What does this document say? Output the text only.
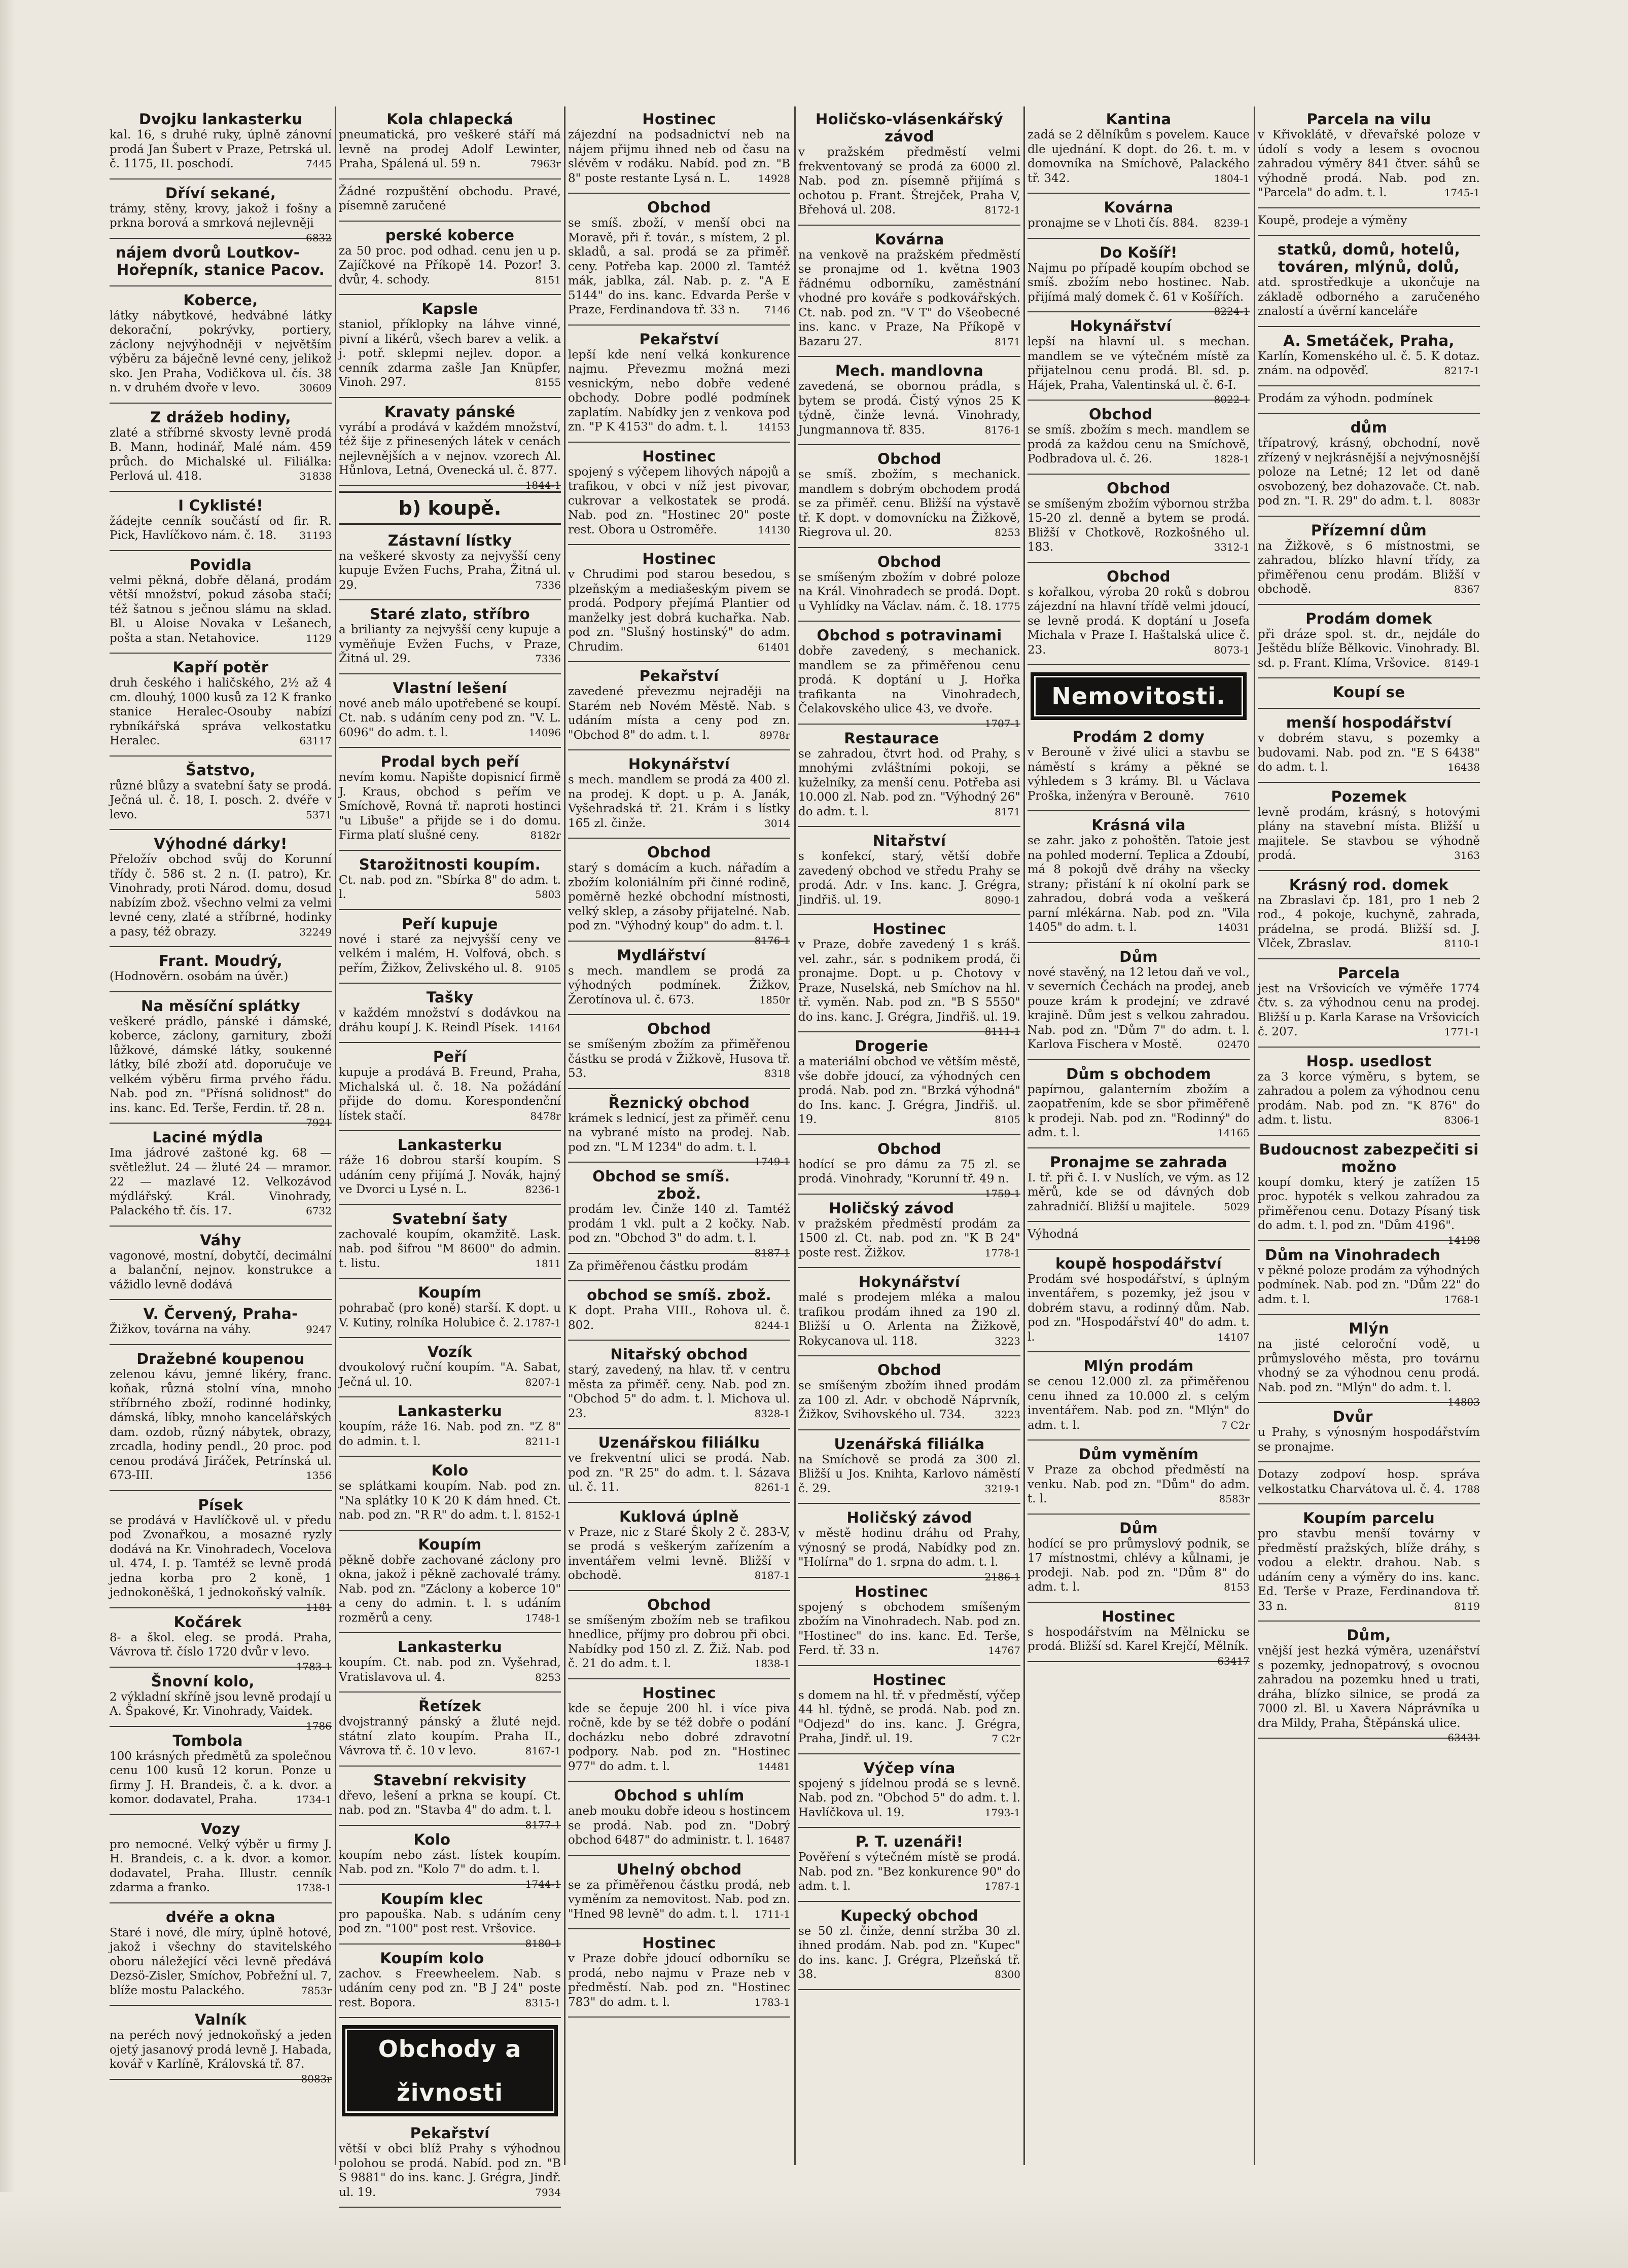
Dvojku lankasterku
kal. 16, s druhé ruky, úplně zánovní prodá Jan Šubert v Praze, Petrská ul. č. 1175, II. poschodí.	7445
Dříví sekané,
trámy, stěny, krovy, jakož i fošny a prkna borová a smrková nejlevněji
6832
nájem dvorů Loutkov-Hořepník, stanice Pacov.
Koberce,
látky nábytkové, hedvábné látky dekorační, pokrývky, portiery, záclony nejvýhodněji v největším výběru za báječně levné ceny, jelikož sko. Jen Praha, Vodičkova ul. čís. 38 n. v druhém dvoře v levo.	30609
Z drážeb hodiny,
zlaté a stříbrné skvosty levně prodá B. Mann, hodinář, Malé nám. 459 průch. do Michalské ul. Filiálka: Perlová ul. 418.	31838
I Cyklisté!
žádejte cenník součástí od fir. R. Pick, Havlíčkovo nám. č. 18. 31193
Povidla
velmi pěkná, dobře dělaná, prodám větší množství, pokud zásoba stačí; též šatnou s ječnou slámu na sklad. Bl. u Aloise Novaka v Lešanech, pošta a stan. Netahovice.	1129
Kapří potěr
druh českého i haličského, 2½ až 4 cm. dlouhý, 1000 kusů za 12 K franko stanice Heralec-Osouby nabízí rybníkářská správa velkostatku Heralec.	63117
Šatstvo,
různé blůzy a svatební šaty se prodá. Ječná ul. č. 18, I. posch. 2. dvéře v levo.	5371
Výhodné dárky!
Přeložív obchod svůj do Korunní třídy č. 586 st. 2 n. (I. patro), Kr. Vinohrady, proti Národ. domu, dosud nabízím zbož. všechno velmi za velmi levné ceny, zlaté a stříbrné, hodinky a pasy, též obrazy.	32249
Frant. Moudrý,
(Hodnověrn. osobám na úvěr.)
Na měsíční splátky
veškeré prádlo, pánské i dámské, koberce, záclony, garnitury, zboží lůžkové, dámské látky, soukenné látky, bílé zboží atd. doporučuje ve velkém výběru firma prvého řádu. Nab. pod zn. "Přísná solidnost" do ins. kanc. Ed. Terše, Ferdin. tř. 28 n.
7921
Laciné mýdla
Ima jádrové zaštoné kg. 68 — světležlut. 24 — žluté 24 — mramor. 22 — mazlavé 12. Velkozávod mýdlářský. Král. Vinohrady, Palackého tř. čís. 17.	6732
Váhy
vagonové, mostní, dobytčí, decimální a balanční, nejnov. konstrukce a vážidlo levně dodává
V. Červený, Praha-
Žižkov, továrna na váhy.	9247
Dražebné koupenou
zelenou kávu, jemné likéry, franc. koňak, různá stolní vína, mnoho stříbrného zboží, rodinné hodinky, dámská, líbky, mnoho kancelářských dam. ozdob, různý nábytek, obrazy, zrcadla, hodiny pendl., 20 proc. pod cenou prodává Jiráček, Petrínská ul. 673-III.	1356
Písek
se prodává v Havlíčkově ul. v předu pod Zvonařkou, a mosazné ryzly dodává na Kr. Vinohradech, Vocelova ul. 474, I. p. Tamtéž se levně prodá jedna korba pro 2 koně, 1 jednokoněšká, 1 jednokoňský valník.
1181
Kočárek
8- a škol. eleg. se prodá. Praha, Vávrova tř. číslo 1720 dvůr v levo.
1783-1
Šnovní kolo,
2 výkladní skříně jsou levně prodají u A. Špakové, Kr. Vinohrady, Vaidek.
1786
Tombola
100 krásných předmětů za společnou cenu 100 kusů 12 korun. Ponze u firmy J. H. Brandeis, č. a k. dvor. a komor. dodavatel, Praha.	1734-1
Vozy
pro nemocné. Velký výběr u firmy J. H. Brandeis, c. a k. dvor. a komor. dodavatel, Praha. Illustr. cenník zdarma a franko.	1738-1
dvéře a okna
Staré i nové, dle míry, úplně hotové, jakož i všechny do stavitelského oboru náležející věci levně předává Dezsö-Zisler, Smíchov, Pobřežní ul. 7, blíže mostu Palackého.	7853r
Valník
na peréch nový jednokoňský a jeden ojetý jasanový prodá levně J. Habada, kovář v Karlíně, Královská tř. 87.
8083r
Kola chlapecká
pneumatická, pro veškeré stáří má levně na prodej Adolf Lewinter, Praha, Spálená ul. 59 n.	7963r
Žádné rozpuštění obchodu. Pravé, písemně zaručené
perské koberce
za 50 proc. pod odhad. cenu jen u p. Zajíčkové na Příkopě 14. Pozor! 3. dvůr, 4. schody.	8151
Kapsle
staniol, příklopky na láhve vinné, pivní a likérů, všech barev a velik. a j. potř. sklepmi nejlev. dopor. a cenník zdarma zašle Jan Knüpfer, Vinoh. 297.	8155
Kravaty pánské
vyrábí a prodává v každém množství, též šije z přinesených látek v cenách nejlevnějších a v nejnov. vzorech Al. Hůnlova, Letná, Ovenecká ul. č. 877.
1844-1
b) koupě.
Zástavní lístky
na veškeré skvosty za nejvyšší ceny kupuje Evžen Fuchs, Praha, Žitná ul. 29.	7336
Staré zlato, stříbro
a brilianty za nejvyšší ceny kupuje a vyměňuje Evžen Fuchs, v Praze, Žitná ul. 29.	7336
Vlastní lešení
nové aneb málo upotřebené se koupí. Ct. nab. s udáním ceny pod zn. "V. L. 6096" do adm. t. l.	14096
Prodal bych peří
nevím komu. Napište dopisnicí firmě J. Kraus, obchod s peřím ve Smíchově, Rovná tř. naproti hostinci "u Libuše" a přijde se i do domu. Firma platí slušné ceny.	8182r
Starožitnosti koupím.
Ct. nab. pod zn. "Sbírka 8" do adm. t. l.	5803
Peří kupuje
nové i staré za nejvyšší ceny ve velkém i malém, H. Volfová, obch. s peřím, Žižkov, Želivského ul. 8. 9105
Tašky
v každém množství s dodávkou na dráhu koupí J. K. Reindl Písek. 14164
Peří
kupuje a prodává B. Freund, Praha, Michalská ul. č. 18. Na požádání přijde do domu. Korespondenční lístek stačí.	8478r
Lankasterku
ráže 16 dobrou starší koupím. S udáním ceny přijímá J. Novák, hajný ve Dvorci u Lysé n. L.	8236-1
Svatební šaty
zachovalé koupím, okamžitě. Lask. nab. pod šifrou "M 8600" do admin. t. listu.	1811
Koupím
pohrabač (pro koně) starší. K dopt. u V. Kutiny, rolníka Holubice č. 2. 1787-1
Vozík
dvoukolový ruční koupím. "A. Sabat, Ječná ul. 10.	8207-1
Lankasterku
koupím, ráže 16. Nab. pod zn. "Z 8" do admin. t. l.	8211-1
Kolo
se splátkami koupím. Nab. pod zn. "Na splátky 10 K 20 K dám hned. Ct. nab. pod zn. "R R" do adm. t. l. 8152-1
Koupím
pěkně dobře zachované záclony pro okna, jakož i pěkně zachovalé trámy. Nab. pod zn. "Záclony a koberce 10" a ceny do admin. t. l. s udáním rozměrů a ceny.	1748-1
Lankasterku
koupím. Ct. nab. pod zn. Vyšehrad, Vratislavova ul. 4.	8253
Řetízek
dvojstranný pánský a žluté nejd. státní zlato koupím. Praha II., Vávrova tř. č. 10 v levo.	8167-1
Stavební rekvisity
dřevo, lešení a prkna se koupí. Ct. nab. pod zn. "Stavba 4" do adm. t. l.
8177-1
Kolo
koupím nebo zást. lístek koupím. Nab. pod zn. "Kolo 7" do adm. t. l.
1744-1
Koupím klec
pro papouška. Nab. s udáním ceny pod zn. "100" post rest. Vršovice.
8180-1
Koupím kolo
zachov. s Freewheelem. Nab. s udáním ceny pod zn. "B J 24" poste rest. Bopora.	8315-1
Obchody a živnosti
Pekařství
větší v obci blíž Prahy s výhodnou polohou se prodá. Nabíd. pod zn. "B S 9881" do ins. kanc. J. Grégra, Jindř. ul. 19.	7934
Hostinec
zájezdní na podsadnictví neb na nájem přijmu ihned neb od času na slévěm v rodáku. Nabíd. pod zn. "B 8" poste restante Lysá n. L.	14928
Obchod
se smíš. zboží, v menší obci na Moravě, při ř. továr., s místem, 2 pl. skladů, a sal. prodá se za přiměř. ceny. Potřeba kap. 2000 zl. Tamtéž mák, jablka, zál. Nab. p. z. "A E 5144" do ins. kanc. Edvarda Perše v Praze, Ferdinandova tř. 33 n. 7146
Pekařství
lepší kde není velká konkurence najmu. Převezmu možná mezi vesnickým, nebo dobře vedené obchody. Dobre podlé podmínek zaplatím. Nabídky jen z venkova pod zn. "P K 4153" do adm. t. l.	14153
Hostinec
spojený s výčepem lihových nápojů a trafikou, v obci v níž jest pivovar, cukrovar a velkostatek se prodá. Nab. pod zn. "Hostinec 20" poste rest. Obora u Ostroměře.	14130
Hostinec
v Chrudimi pod starou besedou, s plzeňským a mediašeským pivem se prodá. Podpory přejímá Plantier od manželky jest dobrá kuchařka. Nab. pod zn. "Slušný hostinský" do adm. Chrudim.	61401
Pekařství
zavedené převezmu nejraději na Starém neb Novém Městě. Nab. s udáním místa a ceny pod zn. "Obchod 8" do adm. t. l.	8978r
Hokynářství
s mech. mandlem se prodá za 400 zl. na prodej. K dopt. u p. A. Janák, Vyšehradská tř. 21. Krám i s lístky 165 zl. činže.	3014
Obchod
starý s domácím a kuch. nářadím a zbožím koloniálním při činné rodině, poměrně hezké obchodní místnosti, velký sklep, a zásoby přijatelné. Nab. pod zn. "Výhodný koup" do adm. t. l.
8176-1
Mydlářství
s mech. mandlem se prodá za výhodných podmínek. Žižkov, Žerotínova ul. č. 673.	1850r
Obchod
se smíšeným zbožím za přiměřenou částku se prodá v Žižkově, Husova tř. 53.	8318
Řeznický obchod
krámek s lednicí, jest za přiměř. cenu na vybrané místo na prodej. Nab. pod zn. "L M 1234" do adm. t. l.
1749-1
Obchod se smíš. zbož.
prodám lev. Činže 140 zl. Tamtéž prodám 1 vkl. pult a 2 kočky. Nab. pod zn. "Obchod 3" do adm. t. l.
8187-1
Za přiměřenou částku prodám
obchod se smíš. zbož.
K dopt. Praha VIII., Rohova ul. č. 802.	8244-1
Nitařský obchod
starý, zavedený, na hlav. tř. v centru města za přiměř. ceny. Nab. pod zn. "Obchod 5" do adm. t. l. Michova ul. 23.	8328-1
Uzenářskou filiálku
ve frekventní ulici se prodá. Nab. pod zn. "R 25" do adm. t. l. Sázava ul. č. 11.	8261-1
Kuklová úplně
v Praze, nic z Staré Školy 2 č. 283-V, se prodá s veškerým zařízením a inventářem velmi levně. Bližší v obchodě.	8187-1
Obchod
se smíšeným zbožím neb se trafikou hnedlice, příjmy pro dobrou při obci. Nabídky pod 150 zl. Z. Žiž. Nab. pod č. 21 do adm. t. l.	1838-1
Hostinec
kde se čepuje 200 hl. i více piva ročně, kde by se též dobře o podání docházku nebo dobré zdravotní podpory. Nab. pod zn. "Hostinec 977" do adm. t. l.	14481
Obchod s uhlím
aneb mouku dobře ideou s hostincem se prodá. Nab. pod zn. "Dobrý obchod 6487" do administr. t. l. 16487
Uhelný obchod
se za přiměřenou částku prodá, neb vyměním za nemovitost. Nab. pod zn. "Hned 98 levně" do adm. t. l. 1711-1
Hostinec
v Praze dobře jdoucí odborníku se prodá, nebo najmu v Praze neb v předměstí. Nab. pod zn. "Hostinec 783" do adm. t. l.	1783-1
Holičsko-vlásenkářský závod
v pražském předměstí velmi frekventovaný se prodá za 6000 zl. Nab. pod zn. písemně přijímá s ochotou p. Frant. Štrejček, Praha V, Břehová ul. 208.	8172-1
Kovárna
na venkově na pražském předměstí se pronajme od 1. května 1903 řádnému odborníku, zaměstnání vhodné pro kováře s podkovářských. Ct. nab. pod zn. "V T" do Všeobecné ins. kanc. v Praze, Na Příkopě v Bazaru 27.	8171
Mech. mandlovna
zavedená, se obornou prádla, s bytem se prodá. Čistý výnos 25 K týdně, činže levná. Vinohrady, Jungmannova tř. 835.	8176-1
Obchod
se smíš. zbožím, s mechanick. mandlem s dobrým obchodem prodá se za přiměř. cenu. Bližší na výstavě tř. K dopt. v domovnícku na Žižkově, Riegrova ul. 20.	8253
Obchod
se smíšeným zbožím v dobré poloze na Král. Vinohradech se prodá. Dopt. u Vyhlídky na Václav. nám. č. 18. 1775
Obchod s potravinami
dobře zavedený, s mechanick. mandlem se za přiměřenou cenu prodá. K doptání u J. Hořka trafikanta na Vinohradech, Čelakovského ulice 43, ve dvoře.
1707-1
Restaurace
se zahradou, čtvrt hod. od Prahy, s mnohými zvláštními pokoji, se kuželníky, za menší cenu. Potřeba asi 10.000 zl. Nab. pod zn. "Výhodný 26" do adm. t. l.	8171
Nitařství
s konfekcí, starý, větší dobře zavedený obchod ve středu Prahy se prodá. Adr. v Ins. kanc. J. Grégra, Jindřiš. ul. 19.	8090-1
Hostinec
v Praze, dobře zavedený 1 s kráš. vel. zahr., sár. s podnikem prodá, či pronajme. Dopt. u p. Chotovy v Praze, Nuselská, neb Smíchov na hl. tř. vyměn. Nab. pod zn. "B S 5550" do ins. kanc. J. Grégra, Jindřiš. ul. 19.
8111-1
Drogerie
a materiální obchod ve větším městě, vše dobře jdoucí, za výhodných cen prodá. Nab. pod zn. "Brzká výhodná" do Ins. kanc. J. Grégra, Jindřiš. ul. 19.	8105
Obchod
hodící se pro dámu za 75 zl. se prodá. Vinohrady, "Korunní tř. 49 n.
1759-1
Holičský závod
v pražském předměstí prodám za 1500 zl. Ct. nab. pod zn. "K B 24" poste rest. Žižkov.	1778-1
Hokynářství
malé s prodejem mléka a malou trafikou prodám ihned za 190 zl. Bližší u O. Arlenta na Žižkově, Rokycanova ul. 118.	3223
Obchod
se smíšeným zbožím ihned prodám za 100 zl. Adr. v obchodě Náprvník, Žižkov, Svihovského ul. 734.	3223
Uzenářská filiálka
na Smíchově se prodá za 300 zl. Bližší u Jos. Knihta, Karlovo náměstí č. 29.	3219-1
Holičský závod
v městě hodinu dráhu od Prahy, výnosný se prodá, Nabídky pod zn. "Holírna" do 1. srpna do adm. t. l.
2186-1
Hostinec
spojený s obchodem smíšeným zbožím na Vinohradech. Nab. pod zn. "Hostinec" do ins. kanc. Ed. Terše, Ferd. tř. 33 n.	14767
Hostinec
s domem na hl. tř. v předměstí, výčep 44 hl. týdně, se prodá. Nab. pod zn. "Odjezd" do ins. kanc. J. Grégra, Praha, Jindř. ul. 19.	7 C2r
Výčep vína
spojený s jídelnou prodá se s levně. Nab. pod zn. "Obchod 5" do adm. t. l. Havlíčkova ul. 19.	1793-1
P. T. uzenáři!
Pověření s výtečném místě se prodá. Nab. pod zn. "Bez konkurence 90" do adm. t. l.	1787-1
Kupecký obchod
se 50 zl. činže, denní stržba 30 zl. ihned prodám. Nab. pod zn. "Kupec" do ins. kanc. J. Grégra, Plzeňská tř. 38.	8300
Kantina
zadá se 2 dělníkům s povelem. Kauce dle ujednání. K dopt. do 26. t. m. v domovníka na Smíchově, Palackého tř. 342.	1804-1
Kovárna
pronajme se v Lhoti čís. 884. 8239-1
Do Košíř!
Najmu po případě koupím obchod se smíš. zbožím nebo hostinec. Nab. přijímá malý domek č. 61 v Košířích.
8224-1
Hokynářství
lepší na hlavní ul. s mechan. mandlem se ve výtečném místě za přijatelnou cenu prodá. Bl. sd. p. Hájek, Praha, Valentinská ul. č. 6-I.
8022-1
Obchod
se smíš. zbožím s mech. mandlem se prodá za každou cenu na Smíchově, Podbradova ul. č. 26.	1828-1
Obchod
se smíšeným zbožím výbornou stržba 15-20 zl. denně a bytem se prodá. Bližší v Chotkově, Rozkošného ul. 183.	3312-1
Obchod
s kořalkou, výroba 20 roků s dobrou zájezdní na hlavní třídě velmi jdoucí, se levně prodá. K doptání u Josefa Michala v Praze I. Haštalská ulice č. 23.	8073-1
Nemovitosti.
Prodám 2 domy
v Berouně v živé ulici a stavbu se náměstí s krámy a pěkné se výhledem s 3 krámy. Bl. u Václava Proška, inženýra v Berouně.	7610
Krásná vila
se zahr. jako z pohoštěn. Tatoie jest na pohled moderní. Teplica a Zdoubí, má 8 pokojů dvě dráhy na všecky strany; přistání k ní okolní park se zahradou, dobrá voda a veškerá parní mlékárna. Nab. pod zn. "Vila 1405" do adm. t. l.	14031
Dům
nové stavěný, na 12 letou daň ve vol., v severních Čechách na prodej, aneb pouze krám k prodejní; ve zdravé krajině. Dům jest s velkou zahradou. Nab. pod zn. "Dům 7" do adm. t. l. Karlova Fischera v Mostě.	02470
Dům s obchodem
papírnou, galanterním zbožím a zaopatřením, kde se sbor přiměřeně k prodeji. Nab. pod zn. "Rodinný" do adm. t. l.	14165
Pronajme se zahrada
I. tř. při č. I. v Nuslích, ve vým. as 12 měrů, kde se od dávných dob zahradničí. Bližší u majitele.	5029
Výhodná
koupě hospodářství
Prodám své hospodářství, s úplným inventářem, s pozemky, jež jsou v dobrém stavu, a rodinný dům. Nab. pod zn. "Hospodářství 40" do adm. t. l.	14107
Mlýn prodám
se cenou 12.000 zl. za přiměřenou cenu ihned za 10.000 zl. s celým inventářem. Nab. pod zn. "Mlýn" do adm. t. l.	7 C2r
Dům vyměním
v Praze za obchod předměstí na venku. Nab. pod zn. "Dům" do adm. t. l.	8583r
Dům
hodící se pro průmyslový podnik, se 17 místnostmi, chlévy a kůlnami, je prodeji. Nab. pod zn. "Dům 8" do adm. t. l.	8153
Hostinec
s hospodářstvím na Mělnicku se prodá. Bližší sd. Karel Krejčí, Mělník.
63417
Parcela na vilu
v Křivoklátě, v dřevařské poloze v údolí s vody a lesem s ovocnou zahradou výměry 841 čtver. sáhů se výhodně prodá. Nab. pod zn. "Parcela" do adm. t. l.	1745-1
Koupě, prodeje a výměny
statků, domů, hotelů, továren, mlýnů, dolů,
atd. sprostředkuje a ukončuje na základě odborného a zaručeného znalostí a úvěrní kanceláře
A. Smetáček, Praha,
Karlín, Komenského ul. č. 5. K dotaz. znám. na odpověď.	8217-1
Prodám za výhodn. podmínek
dům
třípatrový, krásný, obchodní, nově zřízený v nejkrásnější a nejvýnosnější poloze na Letné; 12 let od daně osvobozený, bez dohazovače. Ct. nab. pod zn. "I. R. 29" do adm. t. l. 8083r
Přízemní dům
na Žižkově, s 6 místnostmi, se zahradou, blízko hlavní třídy, za přiměřenou cenu prodám. Bližší v obchodě.	8367
Prodám domek
při dráze spol. st. dr., nejdále do Ještědu blíže Bělkovic. Vinohrady. Bl. sd. p. Frant. Klíma, Vršovice. 8149-1
Koupí se
menší hospodářství
v dobrém stavu, s pozemky a budovami. Nab. pod zn. "E S 6438" do adm. t. l.	16438
Pozemek
levně prodám, krásný, s hotovými plány na stavební místa. Bližší u majitele. Se stavbou se výhodně prodá.	3163
Krásný rod. domek
na Zbraslavi čp. 181, pro 1 neb 2 rod., 4 pokoje, kuchyně, zahrada, prádelna, se prodá. Bližší sd. J. Vlček, Zbraslav.	8110-1
Parcela
jest na Vršovicích ve výměře 1774 čtv. s. za výhodnou cenu na prodej. Bližší u p. Karla Karase na Vršovicích č. 207.	1771-1
Hosp. usedlost
za 3 korce výměru, s bytem, se zahradou a polem za výhodnou cenu prodám. Nab. pod zn. "K 876" do adm. t. listu.	8306-1
Budoucnost zabezpečiti si možno
koupí domku, který je zatížen 15 proc. hypoték s velkou zahradou za přiměřenou cenu. Dotazy Písaný tisk do adm. t. l. pod zn. "Dům 4196".
14198
Dům na Vinohradech
v pěkné poloze prodám za výhodných podmínek. Nab. pod zn. "Dům 22" do adm. t. l.	1768-1
Mlýn
na jisté celoroční vodě, u průmyslového města, pro továrnu vhodný se za výhodnou cenu prodá. Nab. pod zn. "Mlýn" do adm. t. l.
14803
Dvůr
u Prahy, s výnosným hospodářstvím se pronajme.
Dotazy zodpoví hosp. správa velkostatku Charvátova ul. č. 4. 1788
Koupím parcelu
pro stavbu menší továrny v předměstí pražských, blíže dráhy, s vodou a elektr. drahou. Nab. s udáním ceny a výměry do ins. kanc. Ed. Terše v Praze, Ferdinandova tř. 33 n.	8119
Dům,
vnější jest hezká výměra, uzenářství s pozemky, jednopatrový, s ovocnou zahradou na pozemku hned u trati, dráha, blízko silnice, se prodá za 7000 zl. Bl. u Xavera Náprávníka u dra Mildy, Praha, Štěpánská ulice.
63431
